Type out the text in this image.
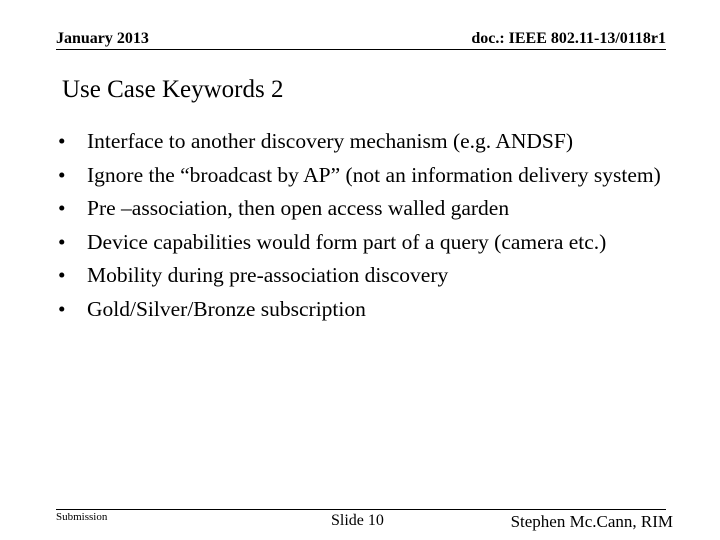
January 2013	doc.: IEEE 802.11-13/0118r1
Use Case Keywords 2
• Interface to another discovery mechanism (e.g. ANDSF)
• Ignore the “broadcast by AP” (not an information delivery system)
• Pre –association, then open access walled garden
• Device capabilities would form part of a query (camera etc.)
• Mobility during pre-association discovery
• Gold/Silver/Bronze subscription
Submission	Slide 10	Stephen Mc.Cann, RIM
